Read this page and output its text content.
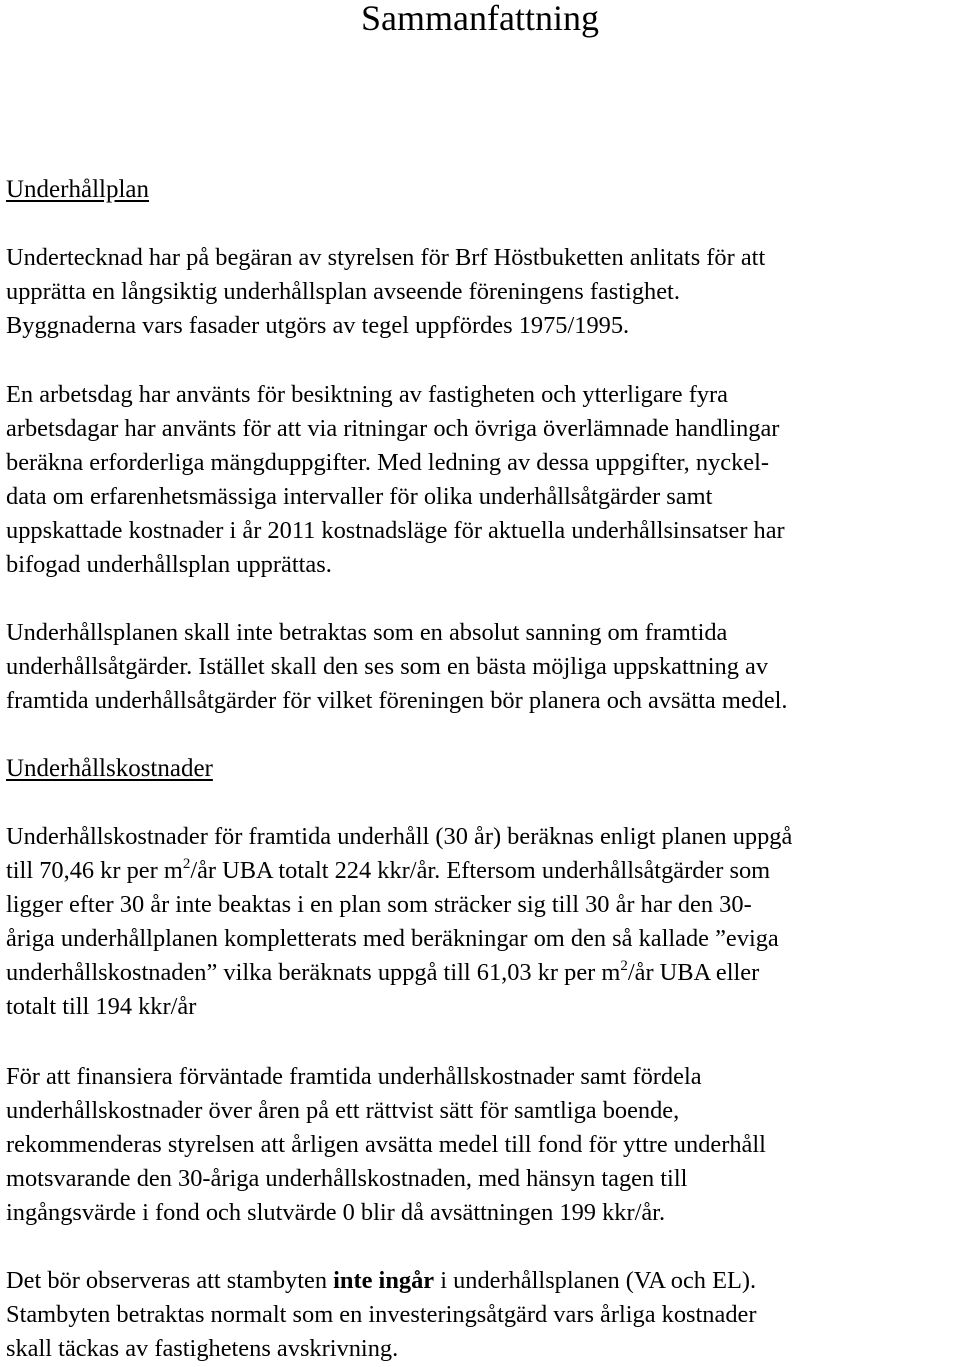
Sammanfattning
Underhållplan

Undertecknad har på begäran av styrelsen för Brf Höstbuketten anlitats för att
upprätta en långsiktig underhållsplan avseende föreningens fastighet.
Byggnaderna vars fasader utgörs av tegel uppfördes 1975/1995.

En arbetsdag har använts för besiktning av fastigheten och ytterligare fyra
arbetsdagar har använts för att via ritningar och övriga överlämnade handlingar
beräkna erforderliga mängduppgifter. Med ledning av dessa uppgifter, nyckel-
data om erfarenhetsmässiga intervaller för olika underhållsåtgärder samt
uppskattade kostnader i år 2011 kostnadsläge för aktuella underhållsinsatser har
bifogad underhållsplan upprättas.

Underhållsplanen skall inte betraktas som en absolut sanning om framtida
underhållsåtgärder. Istället skall den ses som en bästa möjliga uppskattning av
framtida underhållsåtgärder för vilket föreningen bör planera och avsätta medel.

Underhållskostnader

Underhållskostnader för framtida underhåll (30 år) beräknas enligt planen uppgå
till 70,46 kr per $m^2/år$ UBA totalt 224 kkr/år. Eftersom underhållsåtgärder som
ligger efter 30 år inte beaktas i en plan som sträcker sig till 30 år har den 30-
åriga underhållplanen kompletterats med beräkningar om den så kallade ”eviga
underhållskostnaden” vilka beräknats uppgå till 61,03 kr per $m^2/år$ UBA eller
totalt till 194 kkr/år

För att finansiera förväntade framtida underhållskostnader samt fördela
underhållskostnader över åren på ett rättvist sätt för samtliga boende,
rekommenderas styrelsen att årligen avsätta medel till fond för yttre underhåll
motsvarande den 30-åriga underhållskostnaden, med hänsyn tagen till
ingångsvärde i fond och slutvärde 0 blir då avsättningen 199 kkr/år.

Det bör observeras att stambyten inte ingår i underhållsplanen (VA och EL).
Stambyten betraktas normalt som en investeringsåtgärd vars årliga kostnader
skall täckas av fastighetens avskrivning.
